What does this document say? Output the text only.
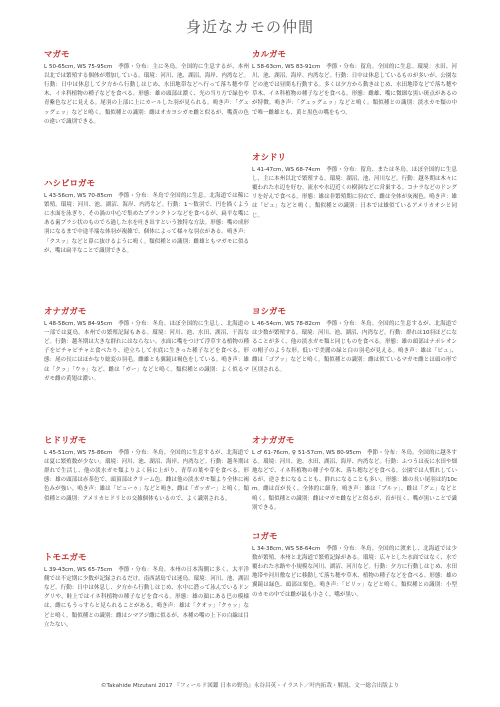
身近なカモの仲間
マガモ

L 50-65cm, WS 75-95cm　季節・分布：主に冬鳥。全国的に生息するが、本州以北では繁殖する個体が増加している。環境：河川、池、湖沼、海岸、内湾など。行動：日中は休息して夕方から行動しはじめ、水田地帯などへ行って落ち穂や草木、イネ科植物の種子などを食べる。形態：雄の頭部は濃く、光の当り方で緑色や青紫色などに見える。尾羽の上部に上にカールした羽が見られる。鳴き声：「グェッグェッ」などと鳴く。類似種との識別：雌はオカヨシガモ雌と似るが、嘴黄の色の違いで識別できる。

ハシビロガモ

L 43-56cm, WS 70-85cm　季節・分布：冬鳥で全国的に生息。北海道では稀に繁殖。環境：河川、池、湖沼、海岸、内湾など。行動：1～数羽で、円を描くように水面を泳ぎり、その渦の中心で集めたプランクトンなどを食べるが、扁平な嘴にある歯ブラシ状のものでろ過した水を吐き出すという独特な方法。形態：嘴の成形羽になるまで中途半端な体羽が複雑で、個体によって様々な羽衣がある。鳴き声：「クスッ」などと鼻に抜けるように鳴く。類似種との識別：雌雄ともマガモに似るが、嘴は扁平なことで識別できる。

オナガガモ

L 48-58cm, WS 84-95cm　季節・分布：冬鳥。ほぼ全国的に生息し、北海道の一部では夏鳥。本州での繁殖記録もある。環境：河川、池、水田、湖沼、干潟など。行動：越冬期は大きな群れにはならない。水面に嘴をつけて浮草する植物の種子をピチャピチャと食べたり、逆立ちして水底に生きった種子などを食べる。形態：尾の長にはほかなり総変の羽毛。雌雄とも翼鏡は褐色をしている。鳴き声：雄は「クッ」「ウゥ」など、雌は「ガー」などと鳴く。類似種との識別：よく似るマガモ雌の黄翅は濃い。

ヒドリガモ

L 45-51cm, WS 75-86cm　季節・分布：冬鳥。全国的に生息するが、北海道では夏に繁殖数が少ない。環境：河川、池、湖沼、海岸、内湾など。行動：越冬期は群れで生活し、他の淡水ガモ類よりよく陸に上がり、青草の葉や芽を食べる。形態：雄の頭部は赤茶色で、頭頂部はクリーム色。雌は他の淡水ガモ類より全体に褐色みが強い。鳴き声：雄は「ピューゥ」などと鳴き、雌は「ガッガー」と鳴く。類似種との識別：アメリカヒドリとの交雑個体もいるので、よく識別される。

トモエガモ

L 39-43cm, WS 65-75cm　季節・分布：冬鳥。本州の日本海側に多く、太平洋側では不定期に少数が記録されるだけ。南西諸島では迷鳥。環境：河川、池、湖沼など。行動：日中は休息し、夕方から行動しはじめ、水中に潜って泳んでいるドングリや、畦上ではイネ科植物の種子などを食べる。形態：雄の顔にある巴の模様は、雌にもうっすらと見られることがある。鳴き声：雄は「クオッ」「クゥッ」などと鳴く。類似種との識別：雌はシマアジ雌に似るが、本種の嘴の上下の白線は目立たない。

カルガモ

L 58-63cm, WS 83-91cm　季節・分布：留鳥。全国的に生息。環境：水田、河川、池、湖沼、海岸、内湾など。行動：日中は休息しているものが多いが、公園などの池では昼間も行動する。多くは夕方から動きはじめ、水田地帯などで落ち穂や草木、イネ科植物の種子などを食べる。形態：雌雄、嘴に微細な黒い斑点があるのが特徴。鳴き声：「グェッグェッ」などと鳴く。類似種との識別：淡水カモ類の中で唯一雌雄とも、黄と黒色の嘴をもつ。

オシドリ

L 41-47cm, WS 68-74cm　季節・分布：留鳥、または冬鳥。ほぼ全国的に生息し、主に本州以北で繁殖する。環境：湖沼、池、河川など。行動：越冬期は木々に覆われた水辺を好む。流水や水辺近くの樹洞などに営巣する。コナラなどのドングリを好んで食べる。形態：雄は非繁殖期に羽衣で、雌は全体が灰褐色。鳴き声：雄は「ピュ」などと鳴く。類似種との識別：日本では雄似ているアメリカオシと同じ。

ヨシガモ

L 46-54cm, WS 78-82cm　季節・分布：冬鳥。全国的に生息するが、北海道では少数が繁殖する。環境：河川、池、湖沼、内湾など。行動：群れは10羽ほどになることが多く、他の淡水ガモ類と同じものを食べる。形態：雄の頭部はナポレオンの帽子のような形。低いで美麗の緑と白の羽毛が見える。鳴き声：雄は「ピュ」、雌は「ゴアッ」などと鳴く。類似種との識別：雌は似ているマガモ雌とは頭の形で区別される。

オナガガモ

L ♂ 61-76cm, ♀ 51-57cm, WS 80-95cm　季節・分布：冬鳥。全国的に越冬する。環境：河川、池、水田、湖沼、海岸、内湾など。行動：ふつうは夜に水田や畑地などで、イネ科植物の種子や草木、落ち穂などを食べる。公園では人慣れしているが、逆さまになることも、群れになることも多い。形態：雄の長い尾羽は約10cm。雌は首が長く、全体的に細身。鳴き声：雄は「プルッ」、雌は「グェ」などと鳴く。類似種との識別：雌はマガモ雌などと似るが、首が長く、嘴が黒いことで識別できる。

コガモ

L 34-38cm, WS 58-64cm　季節・分布：冬鳥。全国的に渡来し、北海道では少数が繁殖。本州と北海道で繁殖記録がある。環境：広々とした水面ではなく、水で覆われた水路や小規模な河川、湖沼、河川など。行動：夕方に行動しはじめ、水田地帯や河川敷などに移動して落ち穂や草木、植物の種子などを食べる。形態：雄の翼鏡は緑色、頭部は栗色。鳴き声：「ピリッ」などと鳴く。類似種との識別：小型のカモの中では雌が最も小さく、嘴が黒い。

©Takahide Mizutani 2017 『フィールド図鑑 日本の野鳥』永谷昌英・イラスト／叶内拓哉・解説、文一総合出版より
